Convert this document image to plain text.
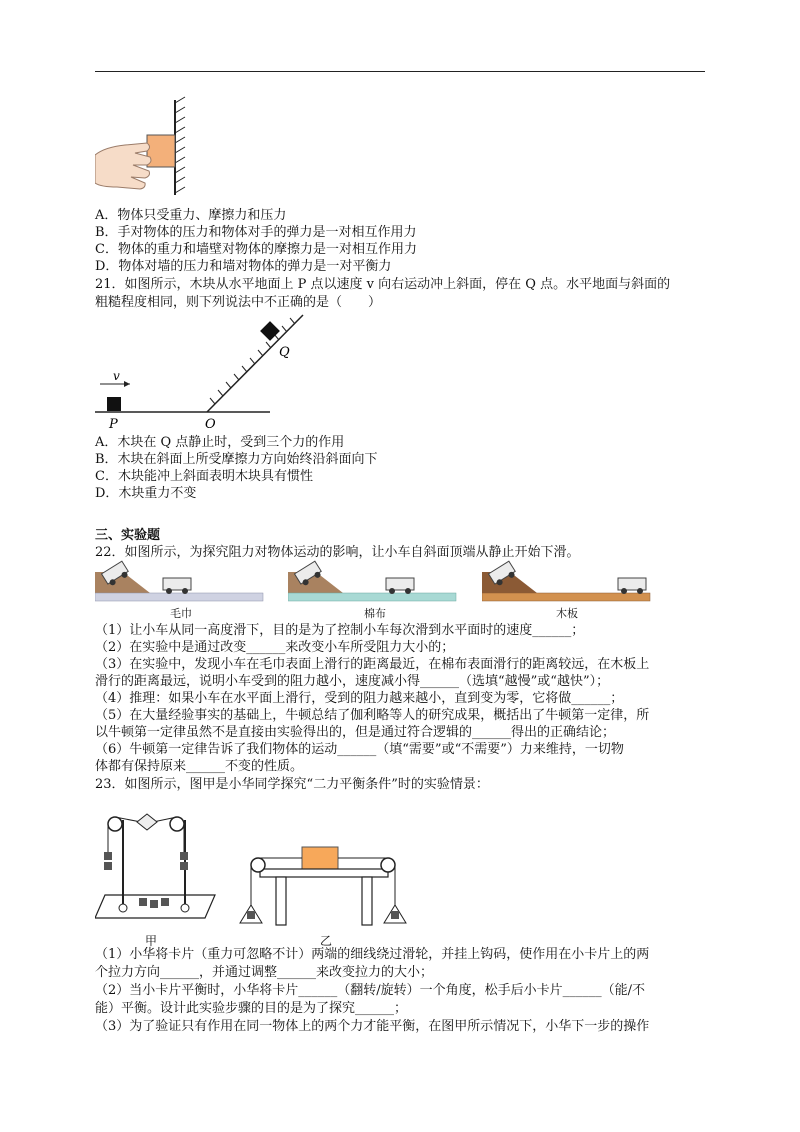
A．物体只受重力、摩擦力和压力
B．手对物体的压力和物体对手的弹力是一对相互作用力
C．物体的重力和墙壁对物体的摩擦力是一对相互作用力
D．物体对墙的压力和墙对物体的弹力是一对平衡力
21．如图所示，木块从水平地面上 P 点以速度 v 向右运动冲上斜面，停在 Q 点。水平地面与斜面的
粗糙程度相同，则下列说法中不正确的是（　　）
v
P	O
Q
A．木块在 Q 点静止时，受到三个力的作用
B．木块在斜面上所受摩擦力方向始终沿斜面向下
C．木块能冲上斜面表明木块具有惯性
D．木块重力不变
三、实验题
22．如图所示，为探究阻力对物体运动的影响，让小车自斜面顶端从静止开始下滑。
毛巾	棉布	木板
（1）让小车从同一高度滑下，目的是为了控制小车每次滑到水平面时的速度______；
（2）在实验中是通过改变______来改变小车所受阻力大小的；
（3）在实验中，发现小车在毛巾表面上滑行的距离最近，在棉布表面滑行的距离较远，在木板上
滑行的距离最远，说明小车受到的阻力越小，速度减小得______（选填“越慢”或“越快”）；
（4）推理：如果小车在水平面上滑行，受到的阻力越来越小，直到变为零，它将做______；
（5）在大量经验事实的基础上，牛顿总结了伽利略等人的研究成果，概括出了牛顿第一定律，所
以牛顿第一定律虽然不是直接由实验得出的，但是通过符合逻辑的______得出的正确结论；
（6）牛顿第一定律告诉了我们物体的运动______（填“需要”或“不需要”）力来维持，一切物
体都有保持原来______不变的性质。
23．如图所示，图甲是小华同学探究“二力平衡条件”时的实验情景：
甲	乙
（1）小华将卡片（重力可忽略不计）两端的细线绕过滑轮，并挂上钩码，使作用在小卡片上的两
个拉力方向______，并通过调整______来改变拉力的大小；
（2）当小卡片平衡时，小华将卡片______（翻转/旋转）一个角度，松手后小卡片______（能/不
能）平衡。设计此实验步骤的目的是为了探究______；
（3）为了验证只有作用在同一物体上的两个力才能平衡，在图甲所示情况下，小华下一步的操作
